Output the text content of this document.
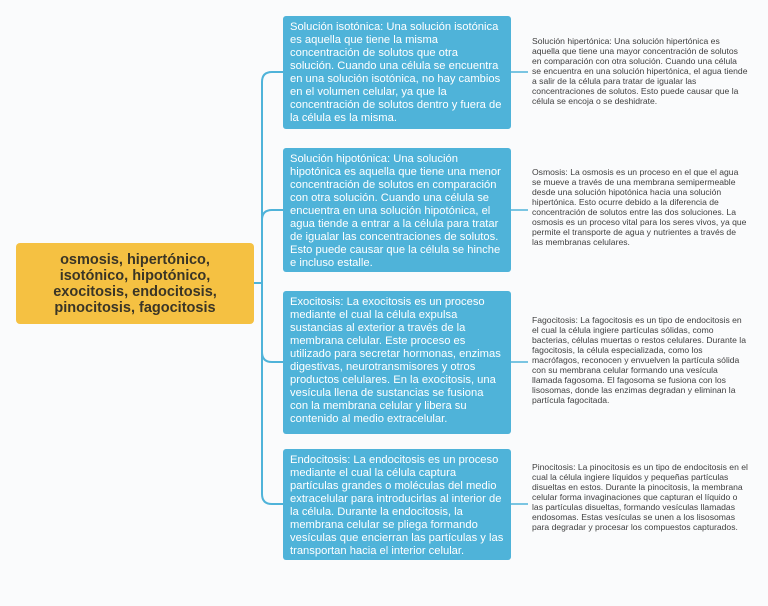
osmosis, hipertónico, isotónico, hipotónico, exocitosis, endocitosis, pinocitosis, fagocitosis
Solución isotónica: Una solución isotónica es aquella que tiene la misma concentración de solutos que otra solución. Cuando una célula se encuentra en una solución isotónica, no hay cambios en el volumen celular, ya que la concentración de solutos dentro y fuera de la célula es la misma.
Solución hipotónica: Una solución hipotónica es aquella que tiene una menor concentración de solutos en comparación con otra solución. Cuando una célula se encuentra en una solución hipotónica, el agua tiende a entrar a la célula para tratar de igualar las concentraciones de solutos. Esto puede causar que la célula se hinche e incluso estalle.
Exocitosis: La exocitosis es un proceso mediante el cual la célula expulsa sustancias al exterior a través de la membrana celular. Este proceso es utilizado para secretar hormonas, enzimas digestivas, neurotransmisores y otros productos celulares. En la exocitosis, una vesícula llena de sustancias se fusiona con la membrana celular y libera su contenido al medio extracelular.
Endocitosis: La endocitosis es un proceso mediante el cual la célula captura partículas grandes o moléculas del medio extracelular para introducirlas al interior de la célula. Durante la endocitosis, la membrana celular se pliega formando vesículas que encierran las partículas y las transportan hacia el interior celular.
Solución hipertónica: Una solución hipertónica es aquella que tiene una mayor concentración de solutos en comparación con otra solución. Cuando una célula se encuentra en una solución hipertónica, el agua tiende a salir de la célula para tratar de igualar las concentraciones de solutos. Esto puede causar que la célula se encoja o se deshidrate.
Osmosis: La osmosis es un proceso en el que el agua se mueve a través de una membrana semipermeable desde una solución hipotónica hacia una solución hipertónica. Esto ocurre debido a la diferencia de concentración de solutos entre las dos soluciones. La osmosis es un proceso vital para los seres vivos, ya que permite el transporte de agua y nutrientes a través de las membranas celulares.
Fagocitosis: La fagocitosis es un tipo de endocitosis en el cual la célula ingiere partículas sólidas, como bacterias, células muertas o restos celulares. Durante la fagocitosis, la célula especializada, como los macrófagos, reconocen y envuelven la partícula sólida con su membrana celular formando una vesícula llamada fagosoma. El fagosoma se fusiona con los lisosomas, donde las enzimas degradan y eliminan la partícula fagocitada.
Pinocitosis: La pinocitosis es un tipo de endocitosis en el cual la célula ingiere líquidos y pequeñas partículas disueltas en estos. Durante la pinocitosis, la membrana celular forma invaginaciones que capturan el líquido o las partículas disueltas, formando vesículas llamadas endosomas. Estas vesículas se unen a los lisosomas para degradar y procesar los compuestos capturados.
